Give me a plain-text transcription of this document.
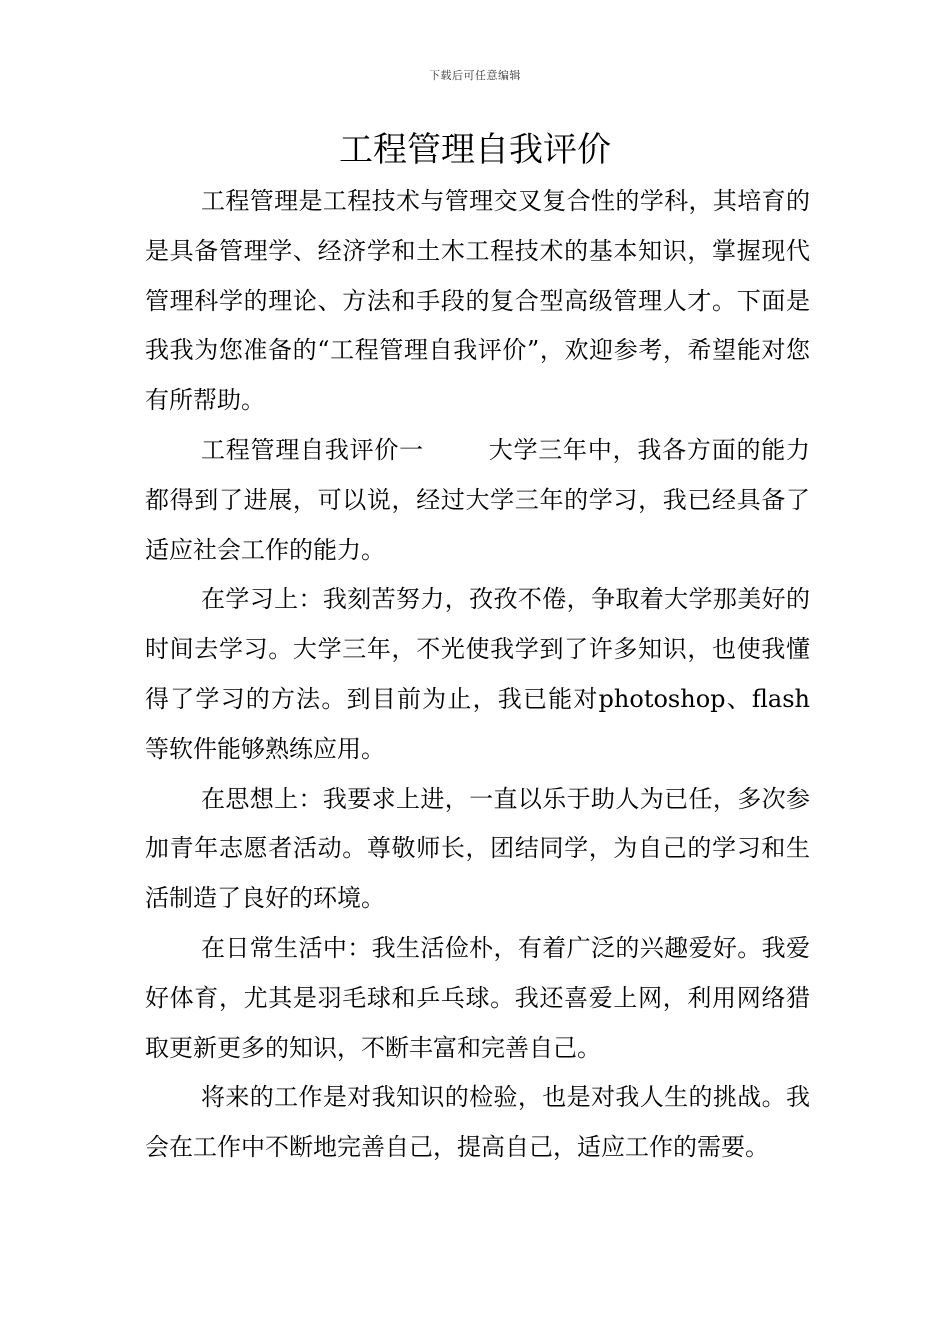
下载后可任意编辑
工程管理自我评价

工程管理是工程技术与管理交叉复合性的学科，其培育的是具备管理学、经济学和土木工程技术的基本知识，掌握现代管理科学的理论、方法和手段的复合型高级管理人才。下面是我我为您准备的“工程管理自我评价”，欢迎参考，希望能对您有所帮助。

工程管理自我评价一	大学三年中，我各方面的能力都得到了进展，可以说，经过大学三年的学习，我已经具备了适应社会工作的能力。

在学习上：我刻苦努力，孜孜不倦，争取着大学那美好的时间去学习。大学三年，不光使我学到了许多知识，也使我懂得了学习的方法。到目前为止，我已能对photoshop、flash等软件能够熟练应用。

在思想上：我要求上进，一直以乐于助人为已任，多次参加青年志愿者活动。尊敬师长，团结同学，为自己的学习和生活制造了良好的环境。

在日常生活中：我生活俭朴，有着广泛的兴趣爱好。我爱好体育，尤其是羽毛球和乒乓球。我还喜爱上网，利用网络猎取更新更多的知识，不断丰富和完善自己。

将来的工作是对我知识的检验，也是对我人生的挑战。我会在工作中不断地完善自己，提高自己，适应工作的需要。
